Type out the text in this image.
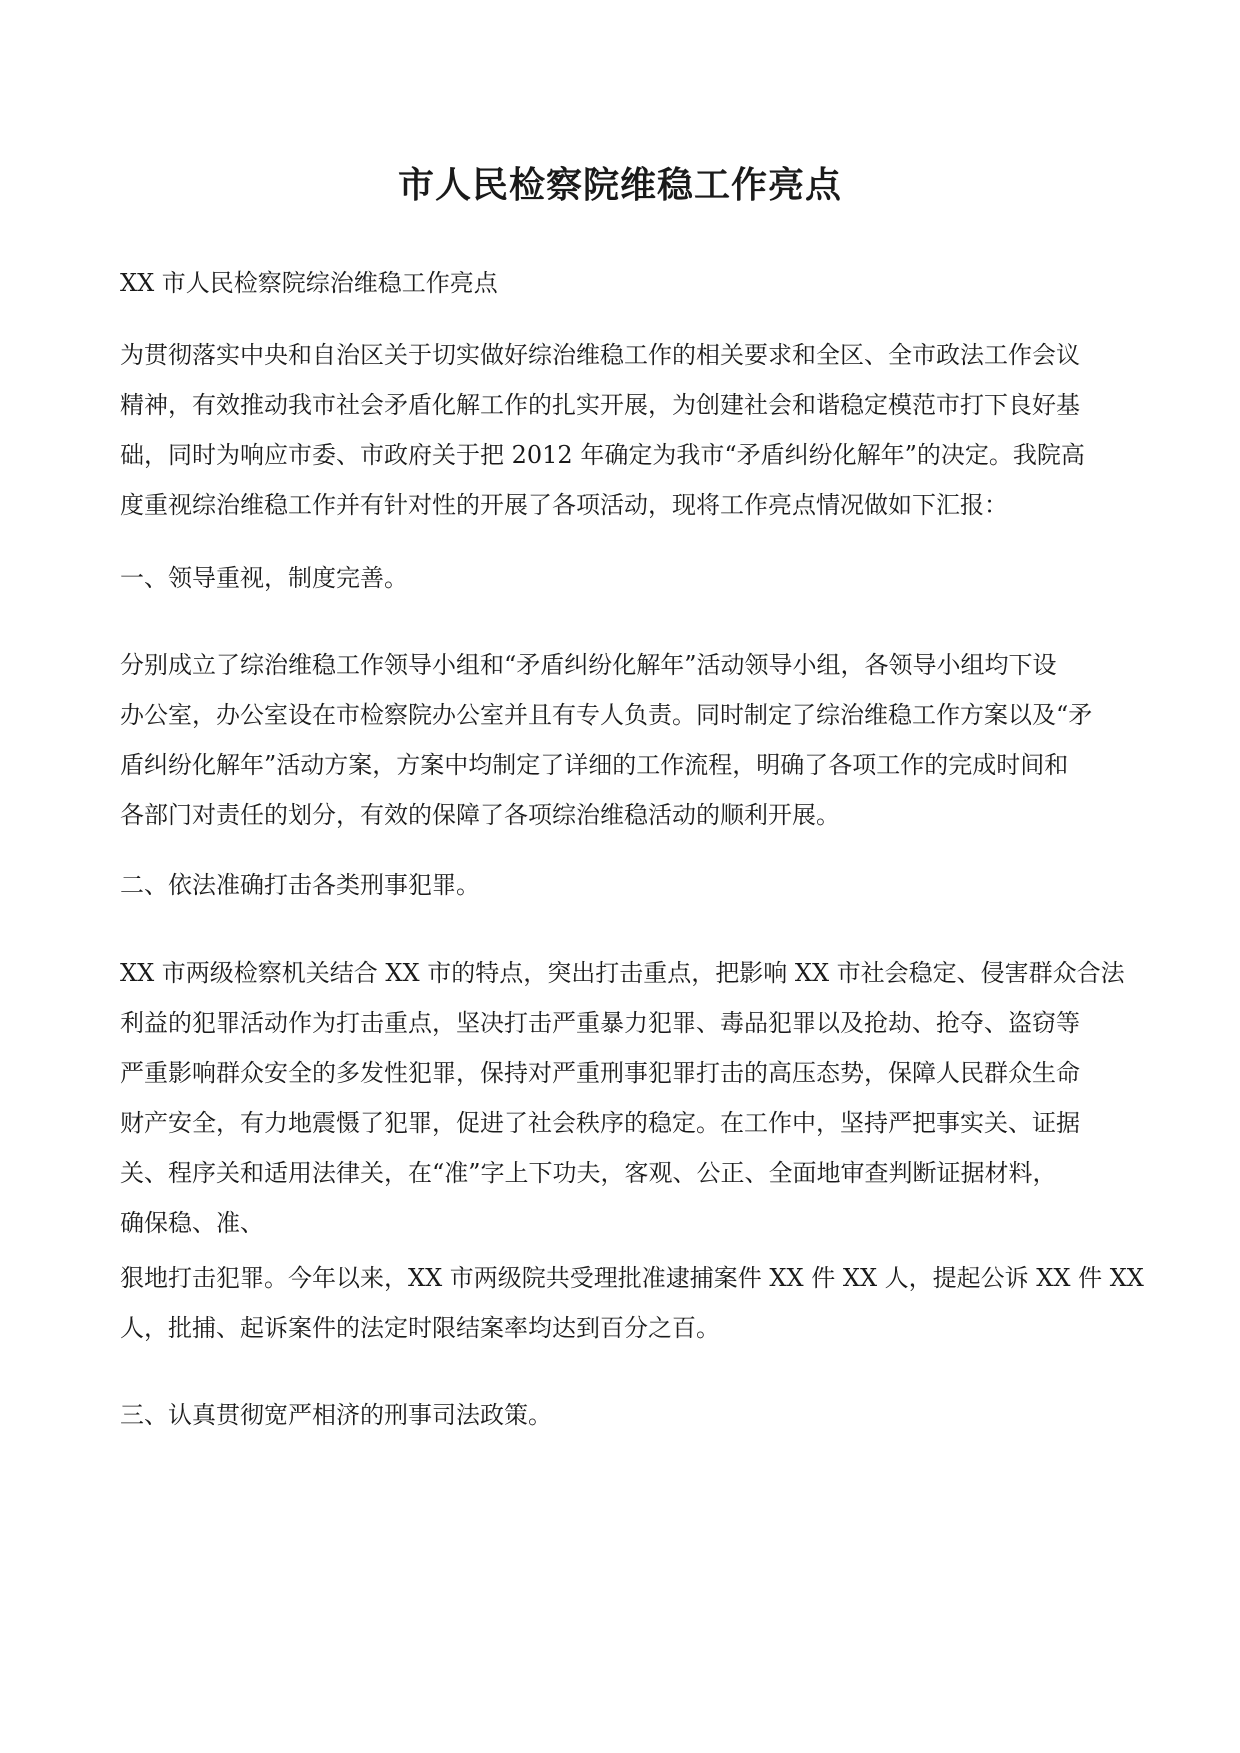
市人民检察院维稳工作亮点
XX 市人民检察院综治维稳工作亮点
为贯彻落实中央和自治区关于切实做好综治维稳工作的相关要求和全区、全市政法工作会议
精神，有效推动我市社会矛盾化解工作的扎实开展，为创建社会和谐稳定模范市打下良好基
础，同时为响应市委、市政府关于把 2012 年确定为我市“矛盾纠纷化解年”的决定。我院高
度重视综治维稳工作并有针对性的开展了各项活动，现将工作亮点情况做如下汇报：
一、领导重视，制度完善。
分别成立了综治维稳工作领导小组和“矛盾纠纷化解年”活动领导小组，各领导小组均下设
办公室，办公室设在市检察院办公室并且有专人负责。同时制定了综治维稳工作方案以及“矛
盾纠纷化解年”活动方案，方案中均制定了详细的工作流程，明确了各项工作的完成时间和
各部门对责任的划分，有效的保障了各项综治维稳活动的顺利开展。
二、依法准确打击各类刑事犯罪。
XX 市两级检察机关结合 XX 市的特点，突出打击重点，把影响 XX 市社会稳定、侵害群众合法
利益的犯罪活动作为打击重点，坚决打击严重暴力犯罪、毒品犯罪以及抢劫、抢夺、盗窃等
严重影响群众安全的多发性犯罪，保持对严重刑事犯罪打击的高压态势，保障人民群众生命
财产安全，有力地震慑了犯罪，促进了社会秩序的稳定。在工作中，坚持严把事实关、证据
关、程序关和适用法律关，在“准”字上下功夫，客观、公正、全面地审查判断证据材料，
确保稳、准、
狠地打击犯罪。今年以来，XX 市两级院共受理批准逮捕案件 XX 件 XX 人，提起公诉 XX 件 XX
人，批捕、起诉案件的法定时限结案率均达到百分之百。
三、认真贯彻宽严相济的刑事司法政策。
